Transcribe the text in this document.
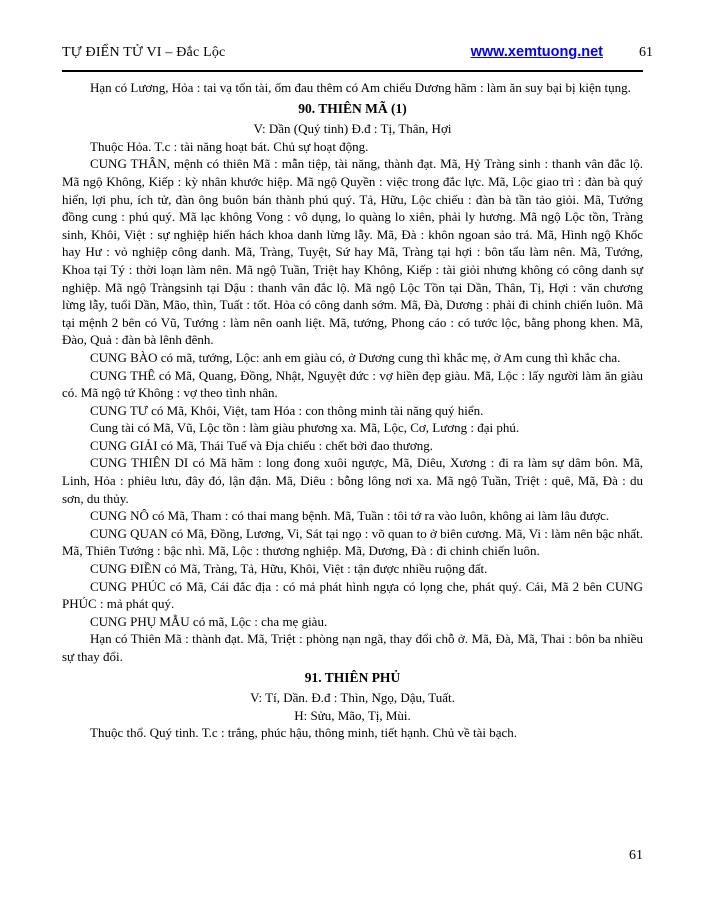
TỰ ĐIỂN TỬ VI – Đắc Lộc	www.xemtuong.net	61

Hạn có Lương, Hỏa : tai vạ tổn tài, ốm đau thêm có Am chiếu Dương hãm : làm ăn suy bại bị kiện tụng.

90. THIÊN MÃ (1)

V: Dần (Quý tinh) Đ.đ : Tị, Thân, Hợi

Thuộc Hỏa. T.c : tài năng hoạt bát. Chủ sự hoạt động.

CUNG THÂN, mệnh có thiên Mã : mẫn tiệp, tài năng, thành đạt. Mã, Hỷ Tràng sinh : thanh vân đắc lộ. Mã ngộ Không, Kiếp : kỳ nhân khước hiệp. Mã ngộ Quyền : việc trong đắc lực. Mã, Lộc giao trì : đàn bà quý hiển, lợi phu, ích tử, đàn ông buôn bán thành phú quý. Tả, Hữu, Lộc chiếu : đàn bà tần tảo giỏi. Mã, Tướng đồng cung : phú quý. Mã lạc không Vong : vô dụng, lo quàng lo xiên, phải ly hương. Mã ngộ Lộc tồn, Tràng sinh, Khôi, Việt : sự nghiệp hiển hách khoa danh lừng lẫy. Mã, Đà : khôn ngoan sảo trá. Mã, Hình ngộ Khốc hay Hư : vỏ nghiệp công danh. Mã, Tràng, Tuyệt, Sứ hay Mã, Tràng tại hợi : bôn tẩu làm nên. Mã, Tướng, Khoa tại Tý : thời loạn làm nên. Mã ngộ Tuần, Triệt hay Không, Kiếp : tài giỏi nhưng không có công danh sự nghiệp. Mã ngộ Tràngsinh tại Dậu : thanh vân đắc lộ. Mã ngộ Lộc Tồn tại Dần, Thân, Tị, Hợi : văn chương lừng lẫy, tuổi Dần, Mão, thìn, Tuất : tốt. Hỏa có công danh sớm. Mã, Đà, Dương : phải đi chinh chiến luôn. Mã tại mệnh 2 bên có Vũ, Tướng : làm nên oanh liệt. Mã, tướng, Phong cáo : có tước lộc, bằng phong khen. Mã, Đào, Quả : đàn bà lênh đênh.

CUNG BÀO có mã, tướng, Lộc: anh em giàu có, ở Dương cung thì khắc mẹ, ở Am cung thì khắc cha.

CUNG THÊ có Mã, Quang, Đồng, Nhật, Nguyệt đức : vợ hiền đẹp giàu. Mã, Lộc : lấy người làm ăn giàu có. Mã ngộ tứ Không : vợ theo tình nhân.

CUNG TƯ có Mã, Khôi, Việt, tam Hóa : con thông minh tài năng quý hiển.

Cung tài có Mã, Vũ, Lộc tồn : làm giàu phương xa. Mã, Lộc, Cơ, Lương : đại phú.

CUNG GIẢI có Mã, Thái Tuế và Địa chiếu : chết bởi đao thương.

CUNG THIÊN DI có Mã hãm : long đong xuôi ngược, Mã, Diêu, Xương : đi ra làm sự dâm bôn. Mã, Linh, Hỏa : phiêu lưu, đây đó, lận đận. Mã, Diêu : bỗng lông nơi xa. Mã ngộ Tuần, Triệt : quê, Mã, Đà : du sơn, du thủy.

CUNG NÔ có Mã, Tham : có thai mang bệnh. Mã, Tuần : tôi tớ ra vào luôn, không ai làm lâu được.

CUNG QUAN có Mã, Đồng, Lương, Vi, Sát tại ngọ : võ quan to ở biên cương. Mã, Vi : làm nên bậc nhất. Mã, Thiên Tướng : bậc nhì. Mã, Lộc : thương nghiệp. Mã, Dương, Đà : đi chinh chiến luôn.

CUNG ĐIỀN có Mã, Tràng, Tả, Hữu, Khôi, Việt : tận được nhiều ruộng đất.

CUNG PHÚC có Mã, Cái đắc địa : có mả phát hình ngựa có lọng che, phát quý. Cái, Mã 2 bên CUNG PHÚC : mả phát quý.

CUNG PHỤ MẪU có mã, Lộc : cha mẹ giàu.

Hạn có Thiên Mã : thành đạt. Mã, Triệt : phòng nạn ngã, thay đổi chỗ ở. Mã, Đà, Mã, Thai : bôn ba nhiều sự thay đổi.

91. THIÊN PHỦ

V: Tí, Dần. Đ.đ : Thìn, Ngọ, Dậu, Tuất.

H: Sửu, Mão, Tị, Mùi.

Thuộc thổ. Quý tinh. T.c : trắng, phúc hậu, thông minh, tiết hạnh. Chủ về tài bạch.

61
